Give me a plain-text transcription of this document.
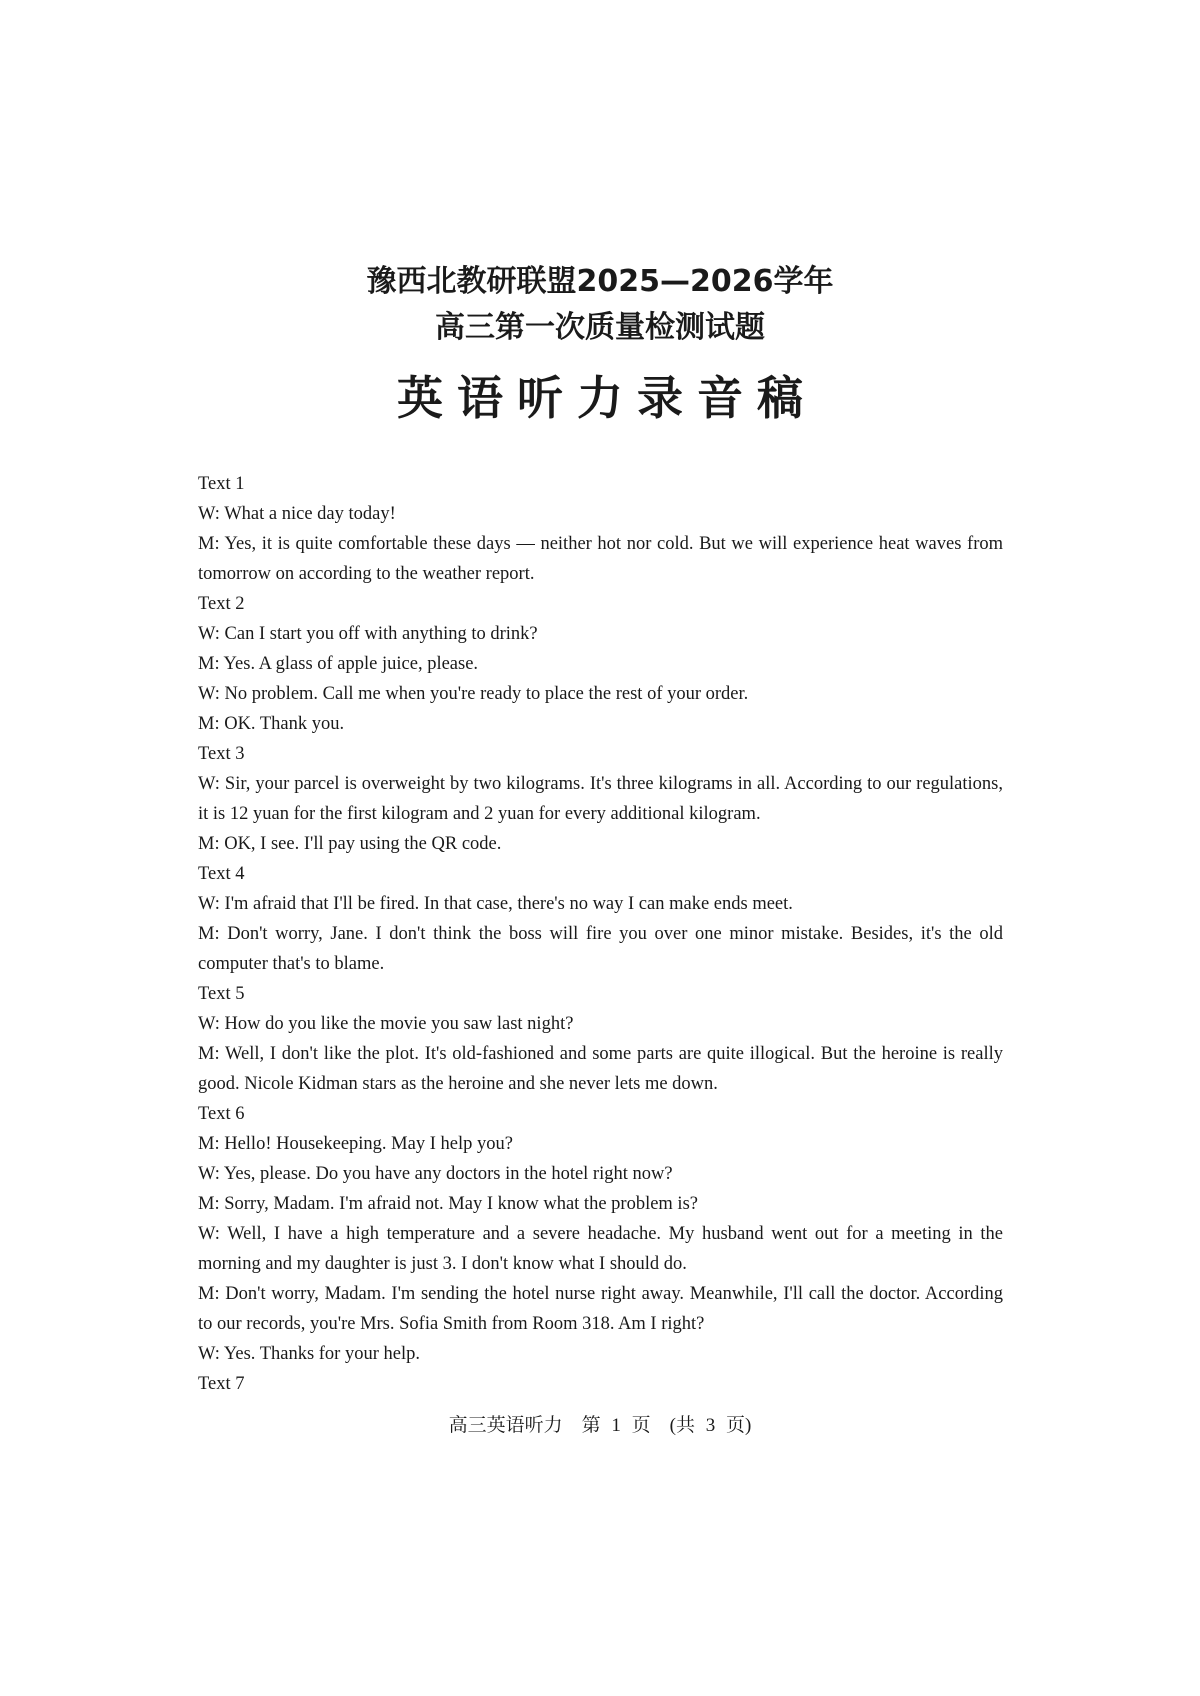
豫西北教研联盟2025—2026学年
高三第一次质量检测试题
英语听力录音稿

Text 1

W: What a nice day today!

M: Yes, it is quite comfortable these days — neither hot nor cold. But we will experience heat waves from tomorrow on according to the weather report.

Text 2

W: Can I start you off with anything to drink?

M: Yes. A glass of apple juice, please.

W: No problem. Call me when you're ready to place the rest of your order.

M: OK. Thank you.

Text 3

W: Sir, your parcel is overweight by two kilograms. It's three kilograms in all. According to our regulations, it is 12 yuan for the first kilogram and 2 yuan for every additional kilogram.

M: OK, I see. I'll pay using the QR code.

Text 4

W: I'm afraid that I'll be fired. In that case, there's no way I can make ends meet.

M: Don't worry, Jane. I don't think the boss will fire you over one minor mistake. Besides, it's the old computer that's to blame.

Text 5

W: How do you like the movie you saw last night?

M: Well, I don't like the plot. It's old-fashioned and some parts are quite illogical. But the heroine is really good. Nicole Kidman stars as the heroine and she never lets me down.

Text 6

M: Hello! Housekeeping. May I help you?

W: Yes, please. Do you have any doctors in the hotel right now?

M: Sorry, Madam. I'm afraid not. May I know what the problem is?

W: Well, I have a high temperature and a severe headache. My husband went out for a meeting in the morning and my daughter is just 3. I don't know what I should do.

M: Don't worry, Madam. I'm sending the hotel nurse right away. Meanwhile, I'll call the doctor. According to our records, you're Mrs. Sofia Smith from Room 318. Am I right?

W: Yes. Thanks for your help.

Text 7

高三英语听力　第 1 页　(共 3 页)
